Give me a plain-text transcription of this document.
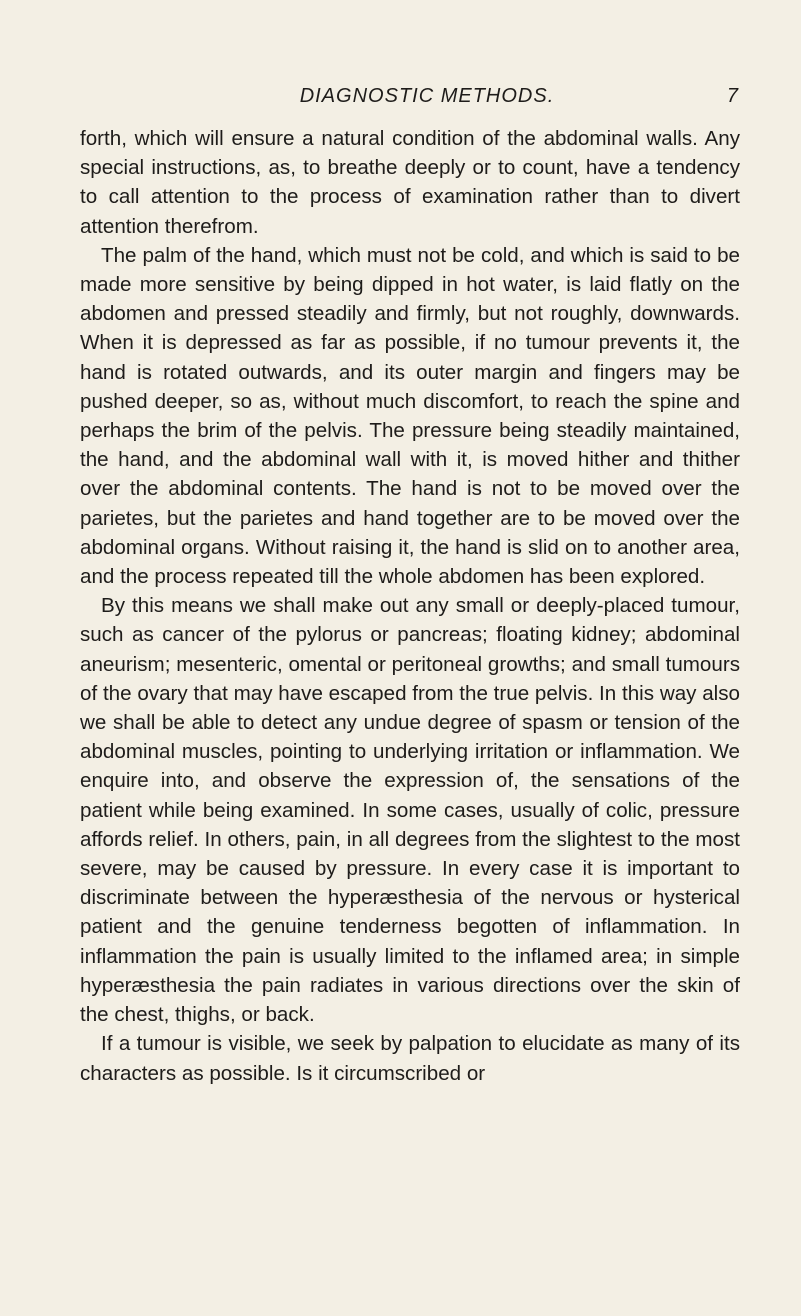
DIAGNOSTIC METHODS.	7

forth, which will ensure a natural condition of the abdominal walls. Any special instructions, as, to breathe deeply or to count, have a tendency to call attention to the process of examination rather than to divert attention therefrom.

The palm of the hand, which must not be cold, and which is said to be made more sensitive by being dipped in hot water, is laid flatly on the abdomen and pressed steadily and firmly, but not roughly, downwards. When it is depressed as far as possible, if no tumour prevents it, the hand is rotated outwards, and its outer margin and fingers may be pushed deeper, so as, without much discomfort, to reach the spine and perhaps the brim of the pelvis. The pressure being steadily maintained, the hand, and the abdominal wall with it, is moved hither and thither over the abdominal contents. The hand is not to be moved over the parietes, but the parietes and hand together are to be moved over the abdominal organs. Without raising it, the hand is slid on to another area, and the process repeated till the whole abdomen has been explored.

By this means we shall make out any small or deeply-placed tumour, such as cancer of the pylorus or pancreas; floating kidney; abdominal aneurism; mesenteric, omental or peritoneal growths; and small tumours of the ovary that may have escaped from the true pelvis. In this way also we shall be able to detect any undue degree of spasm or tension of the abdominal muscles, pointing to underlying irritation or inflammation. We enquire into, and observe the expression of, the sensations of the patient while being examined. In some cases, usually of colic, pressure affords relief. In others, pain, in all degrees from the slightest to the most severe, may be caused by pressure. In every case it is important to discriminate between the hyperæsthesia of the nervous or hysterical patient and the genuine tenderness begotten of inflammation. In inflammation the pain is usually limited to the inflamed area; in simple hyperæsthesia the pain radiates in various directions over the skin of the chest, thighs, or back.

If a tumour is visible, we seek by palpation to elucidate as many of its characters as possible. Is it circumscribed or
